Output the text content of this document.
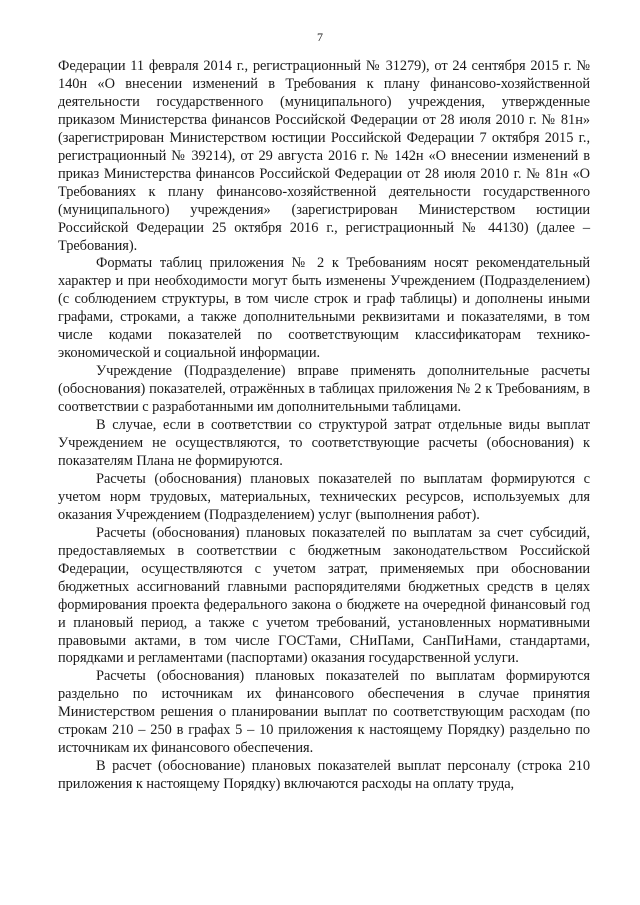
7

Федерации 11 февраля 2014 г., регистрационный № 31279), от 24 сентября 2015 г. № 140н «О внесении изменений в Требования к плану финансово-хозяйственной деятельности государственного (муниципального) учреждения, утвержденные приказом Министерства финансов Российской Федерации от 28 июля 2010 г. № 81н» (зарегистрирован Министерством юстиции Российской Федерации 7 октября 2015 г., регистрационный № 39214), от 29 августа 2016 г. № 142н «О внесении изменений в приказ Министерства финансов Российской Федерации от 28 июля 2010 г. № 81н «О Требованиях к плану финансово-хозяйственной деятельности государственного (муниципального) учреждения» (зарегистрирован Министерством юстиции Российской Федерации 25 октября 2016 г., регистрационный № 44130) (далее – Требования).

Форматы таблиц приложения № 2 к Требованиям носят рекомендательный характер и при необходимости могут быть изменены Учреждением (Подразделением) (с соблюдением структуры, в том числе строк и граф таблицы) и дополнены иными графами, строками, а также дополнительными реквизитами и показателями, в том числе кодами показателей по соответствующим классификаторам технико-экономической и социальной информации.

Учреждение (Подразделение) вправе применять дополнительные расчеты (обоснования) показателей, отражённых в таблицах приложения № 2 к Требованиям, в соответствии с разработанными им дополнительными таблицами.

В случае, если в соответствии со структурой затрат отдельные виды выплат Учреждением не осуществляются, то соответствующие расчеты (обоснования) к показателям Плана не формируются.

Расчеты (обоснования) плановых показателей по выплатам формируются с учетом норм трудовых, материальных, технических ресурсов, используемых для оказания Учреждением (Подразделением) услуг (выполнения работ).

Расчеты (обоснования) плановых показателей по выплатам за счет субсидий, предоставляемых в соответствии с бюджетным законодательством Российской Федерации, осуществляются с учетом затрат, применяемых при обосновании бюджетных ассигнований главными распорядителями бюджетных средств в целях формирования проекта федерального закона о бюджете на очередной финансовый год и плановый период, а также с учетом требований, установленных нормативными правовыми актами, в том числе ГОСТами, СНиПами, СанПиНами, стандартами, порядками и регламентами (паспортами) оказания государственной услуги.

Расчеты (обоснования) плановых показателей по выплатам формируются раздельно по источникам их финансового обеспечения в случае принятия Министерством решения о планировании выплат по соответствующим расходам (по строкам 210 – 250 в графах 5 – 10 приложения к настоящему Порядку) раздельно по источникам их финансового обеспечения.

В расчет (обоснование) плановых показателей выплат персоналу (строка 210 приложения к настоящему Порядку) включаются расходы на оплату труда,
